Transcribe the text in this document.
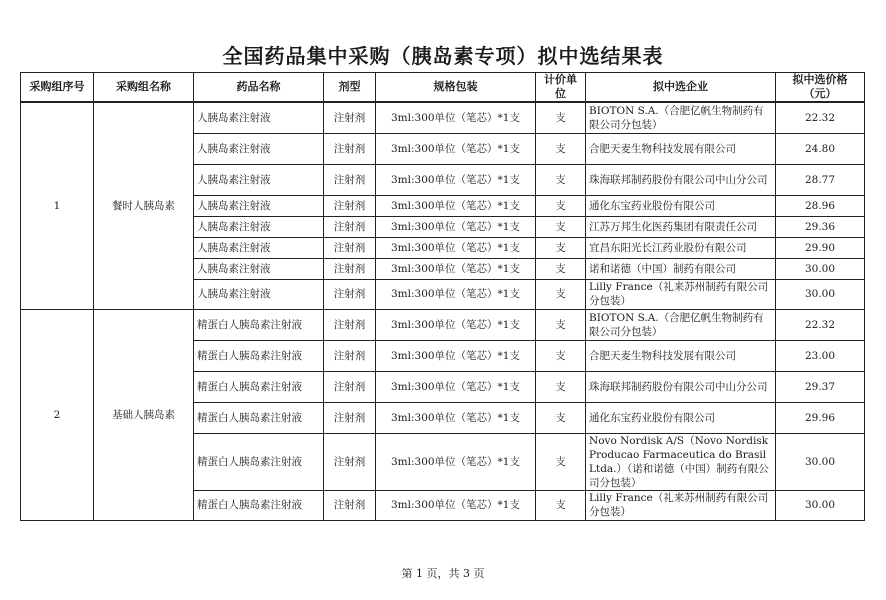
全国药品集中采购（胰岛素专项）拟中选结果表
采购组序号	采购组名称	药品名称	剂型	规格包装	计价单位	拟中选企业	拟中选价格（元）
1	餐时人胰岛素	人胰岛素注射液	注射剂	3ml:300单位（笔芯）*1支	支	BIOTON S.A.（合肥亿帆生物制药有限公司分包装）	22.32
		人胰岛素注射液	注射剂	3ml:300单位（笔芯）*1支	支	合肥天麦生物科技发展有限公司	24.80
		人胰岛素注射液	注射剂	3ml:300单位（笔芯）*1支	支	珠海联邦制药股份有限公司中山分公司	28.77
		人胰岛素注射液	注射剂	3ml:300单位（笔芯）*1支	支	通化东宝药业股份有限公司	28.96
		人胰岛素注射液	注射剂	3ml:300单位（笔芯）*1支	支	江苏万邦生化医药集团有限责任公司	29.36
		人胰岛素注射液	注射剂	3ml:300单位（笔芯）*1支	支	宜昌东阳光长江药业股份有限公司	29.90
		人胰岛素注射液	注射剂	3ml:300单位（笔芯）*1支	支	诺和诺德（中国）制药有限公司	30.00
		人胰岛素注射液	注射剂	3ml:300单位（笔芯）*1支	支	Lilly France（礼来苏州制药有限公司分包装）	30.00
2	基础人胰岛素	精蛋白人胰岛素注射液	注射剂	3ml:300单位（笔芯）*1支	支	BIOTON S.A.（合肥亿帆生物制药有限公司分包装）	22.32
		精蛋白人胰岛素注射液	注射剂	3ml:300单位（笔芯）*1支	支	合肥天麦生物科技发展有限公司	23.00
		精蛋白人胰岛素注射液	注射剂	3ml:300单位（笔芯）*1支	支	珠海联邦制药股份有限公司中山分公司	29.37
		精蛋白人胰岛素注射液	注射剂	3ml:300单位（笔芯）*1支	支	通化东宝药业股份有限公司	29.96
		精蛋白人胰岛素注射液	注射剂	3ml:300单位（笔芯）*1支	支	Novo Nordisk A/S（Novo Nordisk Producao Farmaceutica do Brasil Ltda.）（诺和诺德（中国）制药有限公司分包装）	30.00
		精蛋白人胰岛素注射液	注射剂	3ml:300单位（笔芯）*1支	支	Lilly France（礼来苏州制药有限公司分包装）	30.00
第 1 页，共 3 页
